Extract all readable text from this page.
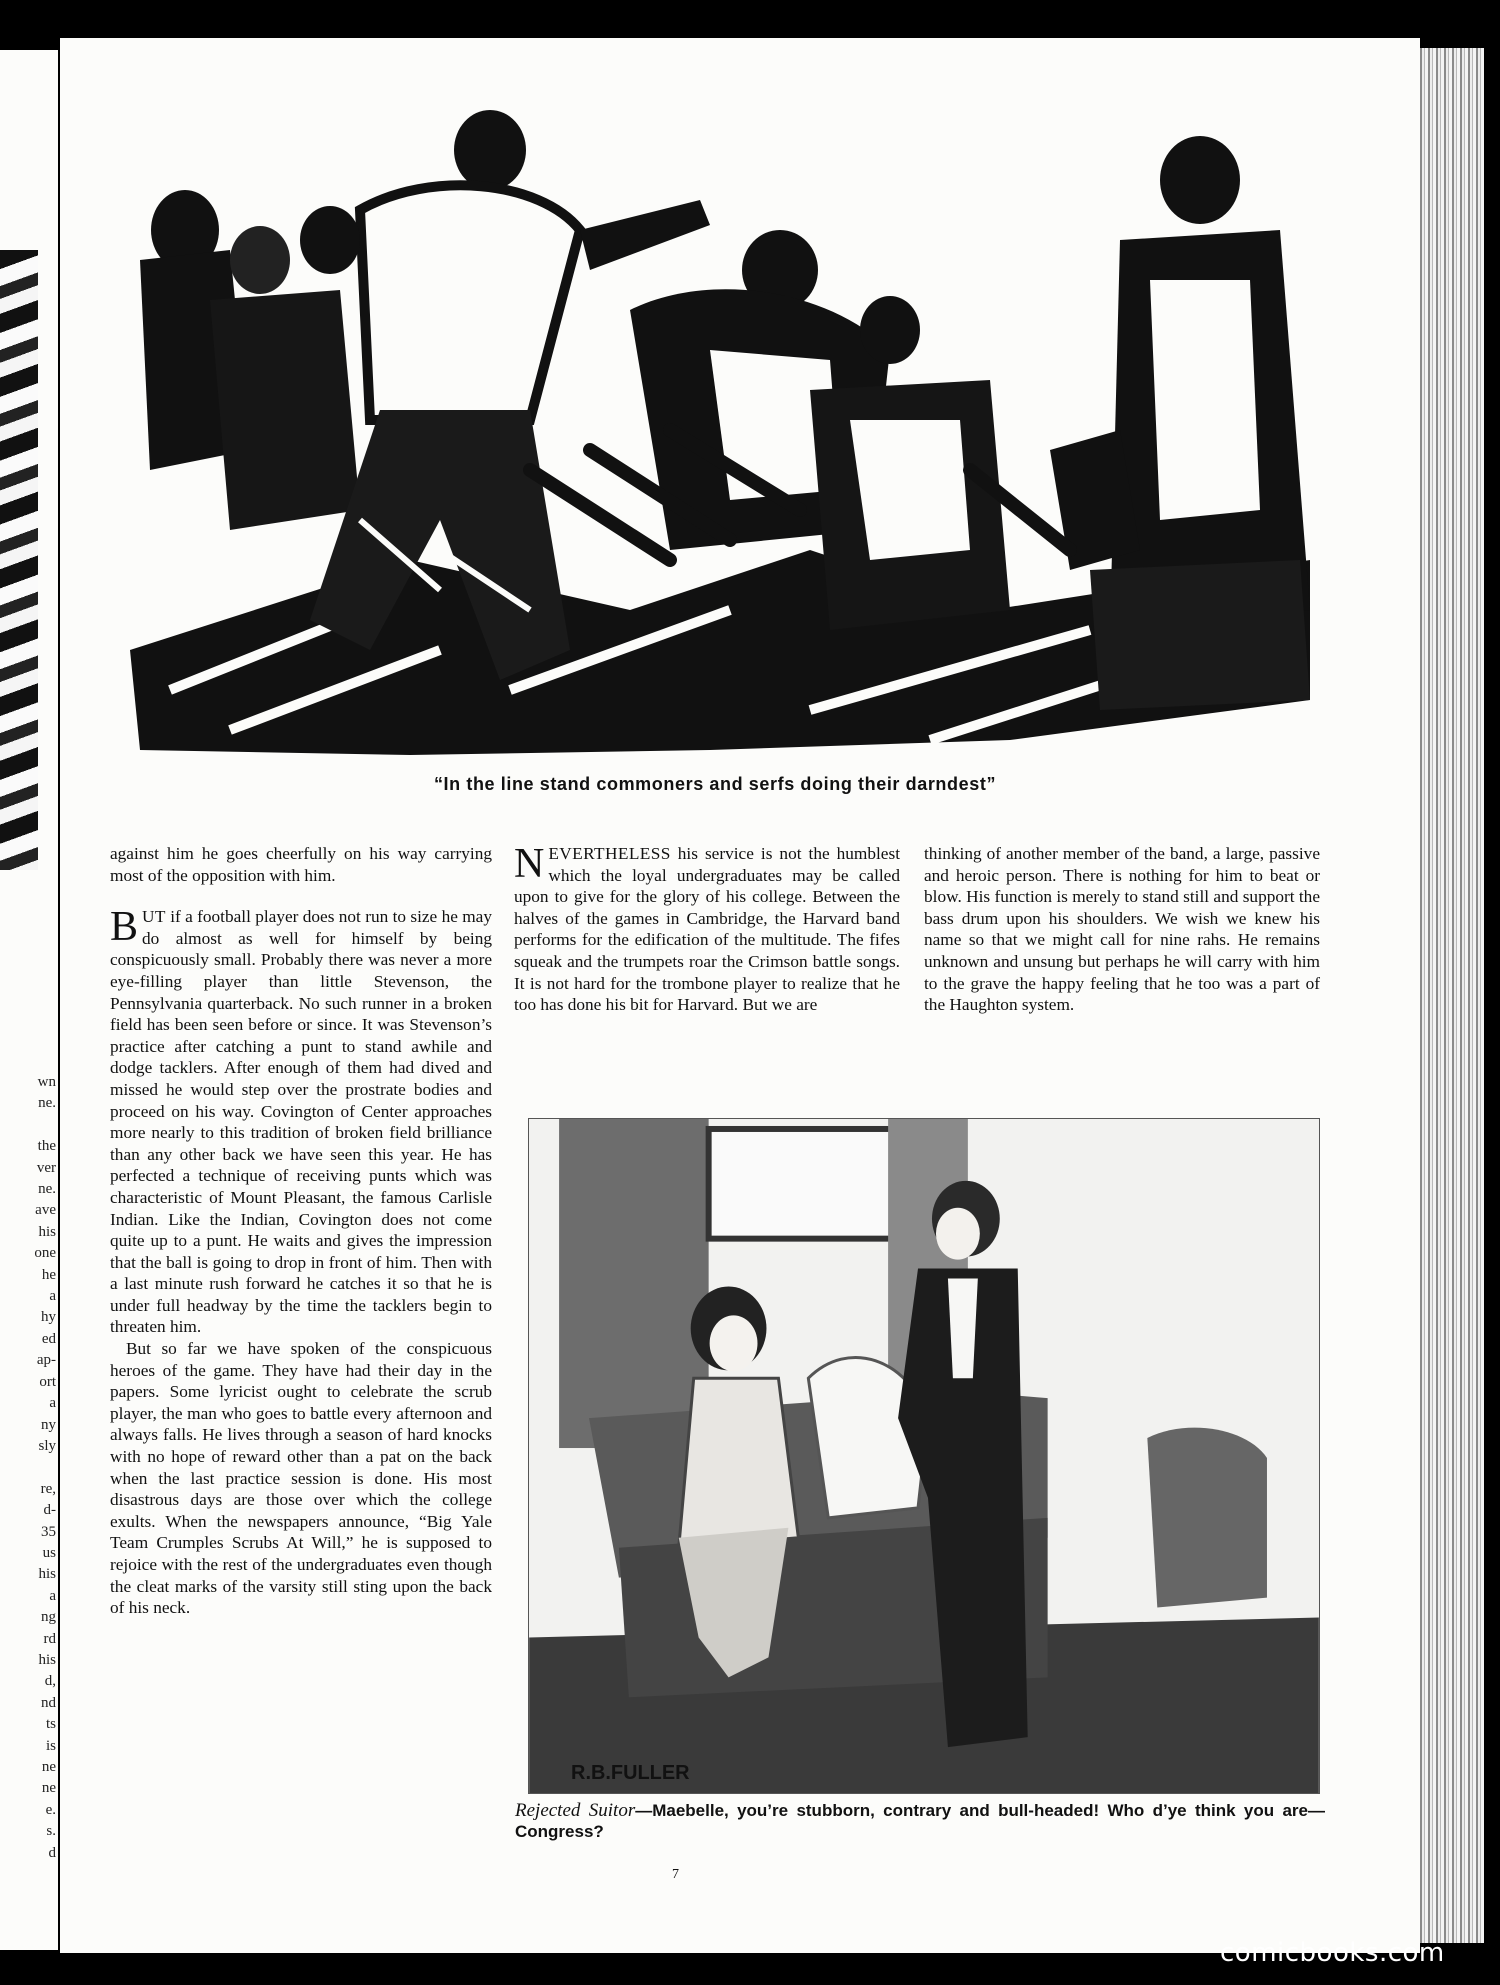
wn
ne.

the
ver
ne.
ave
his
one
he
a
hy
ed
ap-
ort
a
ny
sly

re,
d-
35
us
his
a
ng
rd
his
d,
nd
ts
is
ne
ne
e.
s.
d
“In the line stand commoners and serfs doing their darndest”

against him he goes cheerfully on his way carrying most of the opposition with him.

BUT if a football player does not run to size he may do almost as well for himself by being conspicuously small. Probably there was never a more eye-filling player than little Stevenson, the Pennsylvania quarterback. No such runner in a broken field has been seen before or since. It was Stevenson’s practice after catching a punt to stand awhile and dodge tacklers. After enough of them had dived and missed he would step over the prostrate bodies and proceed on his way. Covington of Center approaches more nearly to this tradition of broken field brilliance than any other back we have seen this year. He has perfected a technique of receiving punts which was characteristic of Mount Pleasant, the famous Carlisle Indian. Like the Indian, Covington does not come quite up to a punt. He waits and gives the impression that the ball is going to drop in front of him. Then with a last minute rush forward he catches it so that he is under full headway by the time the tacklers begin to threaten him.

But so far we have spoken of the conspicuous heroes of the game. They have had their day in the papers. Some lyricist ought to celebrate the scrub player, the man who goes to battle every afternoon and always falls. He lives through a season of hard knocks with no hope of reward other than a pat on the back when the last practice session is done. His most disastrous days are those over which the college exults. When the newspapers announce, “Big Yale Team Crumples Scrubs At Will,” he is supposed to rejoice with the rest of the undergraduates even though the cleat marks of the varsity still sting upon the back of his neck.

NEVERTHELESS his service is not the humblest which the loyal undergraduates may be called upon to give for the glory of his college. Between the halves of the games in Cambridge, the Harvard band performs for the edification of the multitude. The fifes squeak and the trumpets roar the Crimson battle songs. It is not hard for the trombone player to realize that he too has done his bit for Harvard. But we are

thinking of another member of the band, a large, passive and heroic person. There is nothing for him to beat or blow. His function is merely to stand still and support the bass drum upon his shoulders. We wish we knew his name so that we might call for nine rahs. He remains unknown and unsung but perhaps he will carry with him to the grave the happy feeling that he too was a part of the Haughton system.

R.B.FULLER
Rejected Suitor—Maebelle, you’re stubborn, contrary and bull-headed! Who d’ye think you are—Congress?
7
comicbooks.com
